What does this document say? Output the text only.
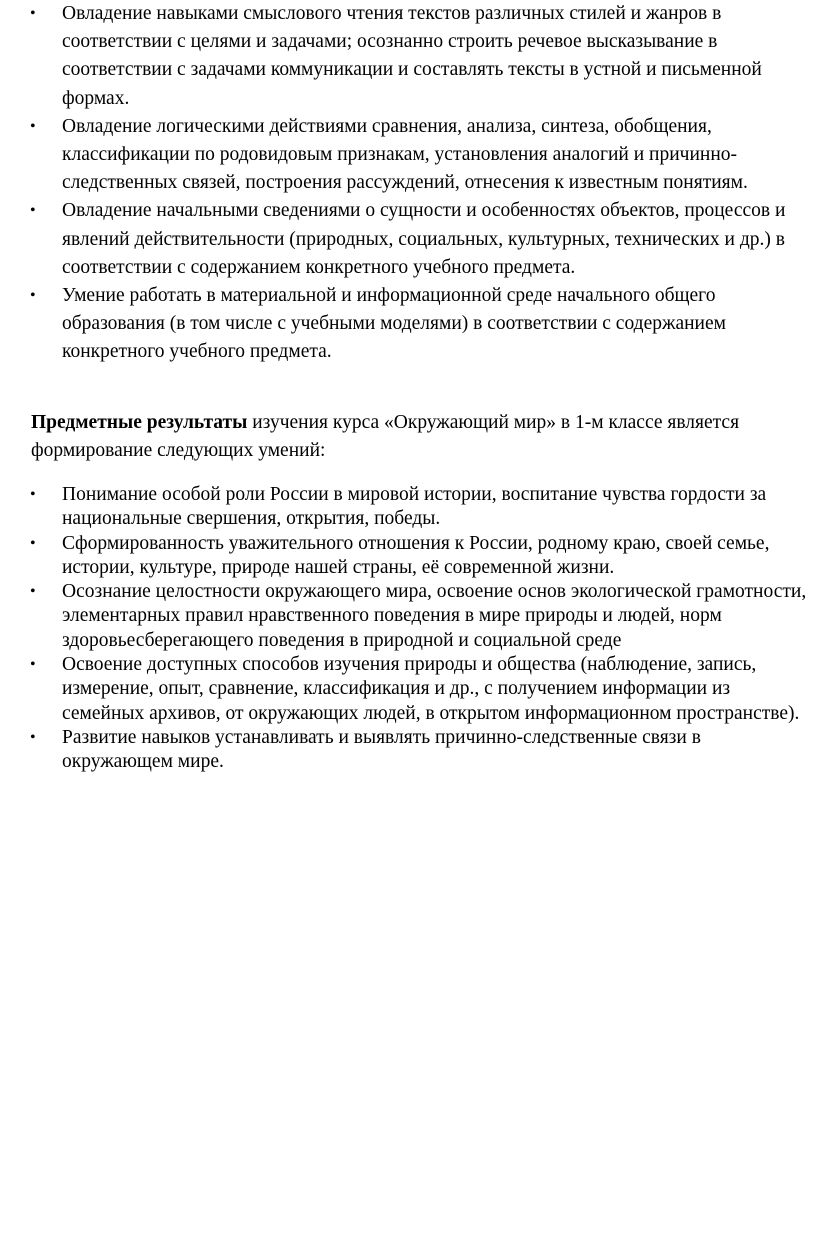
• Овладение навыками смыслового чтения текстов различных стилей и жанров в соответствии с целями и задачами; осознанно строить речевое высказывание в соответствии с задачами коммуникации и составлять тексты в устной и письменной формах.
• Овладение логическими действиями сравнения, анализа, синтеза, обобщения, классификации по родовидовым признакам, установления аналогий и причинно-следственных связей, построения рассуждений, отнесения к известным понятиям.
• Овладение начальными сведениями о сущности и особенностях объектов, процессов и явлений действительности (природных, социальных, культурных, технических и др.) в соответствии с содержанием конкретного учебного предмета.
• Умение работать в материальной и информационной среде начального общего образования (в том числе с учебными моделями) в соответствии с содержанием конкретного учебного предмета.

Предметные результаты изучения курса «Окружающий мир» в 1-м классе является формирование следующих умений:

• Понимание особой роли России в мировой истории, воспитание чувства гордости за национальные свершения, открытия, победы.
• Сформированность уважительного отношения к России, родному краю, своей семье, истории, культуре, природе нашей страны, её современной жизни.
• Осознание целостности окружающего мира, освоение основ экологической грамотности, элементарных правил нравственного поведения в мире природы и людей, норм здоровьесберегающего поведения в природной и социальной среде
• Освоение доступных способов изучения природы и общества (наблюдение, запись, измерение, опыт, сравнение, классификация и др., с получением информации из семейных архивов, от окружающих людей, в открытом информационном пространстве).
• Развитие навыков устанавливать и выявлять причинно-следственные связи в окружающем мире.
